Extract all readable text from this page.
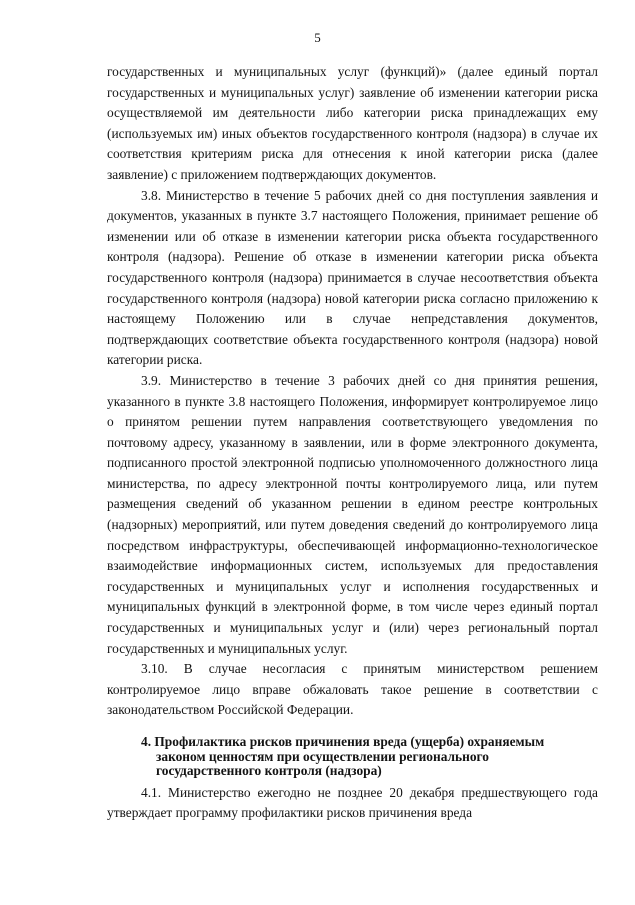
5

государственных и муниципальных услуг (функций)» (далее единый портал государственных и муниципальных услуг) заявление об изменении категории риска осуществляемой им деятельности либо категории риска принадлежащих ему (используемых им) иных объектов государственного контроля (надзора) в случае их соответствия критериям риска для отнесения к иной категории риска (далее заявление) с приложением подтверждающих документов.

3.8. Министерство в течение 5 рабочих дней со дня поступления заявления и документов, указанных в пункте 3.7 настоящего Положения, принимает решение об изменении или об отказе в изменении категории риска объекта государственного контроля (надзора). Решение об отказе в изменении категории риска объекта государственного контроля (надзора) принимается в случае несоответствия объекта государственного контроля (надзора) новой категории риска согласно приложению к настоящему Положению или в случае непредставления документов, подтверждающих соответствие объекта государственного контроля (надзора) новой категории риска.

3.9. Министерство в течение 3 рабочих дней со дня принятия решения, указанного в пункте 3.8 настоящего Положения, информирует контролируемое лицо о принятом решении путем направления соответствующего уведомления по почтовому адресу, указанному в заявлении, или в форме электронного документа, подписанного простой электронной подписью уполномоченного должностного лица министерства, по адресу электронной почты контролируемого лица, или путем размещения сведений об указанном решении в едином реестре контрольных (надзорных) мероприятий, или путем доведения сведений до контролируемого лица посредством инфраструктуры, обеспечивающей информационно-технологическое взаимодействие информационных систем, используемых для предоставления государственных и муниципальных услуг и исполнения государственных и муниципальных функций в электронной форме, в том числе через единый портал государственных и муниципальных услуг и (или) через региональный портал государственных и муниципальных услуг.

3.10. В случае несогласия с принятым министерством решением контролируемое лицо вправе обжаловать такое решение в соответствии с законодательством Российской Федерации.

4. Профилактика рисков причинения вреда (ущерба) охраняемым
законом ценностям при осуществлении регионального
государственного контроля (надзора)

4.1. Министерство ежегодно не позднее 20 декабря предшествующего года утверждает программу профилактики рисков причинения вреда
